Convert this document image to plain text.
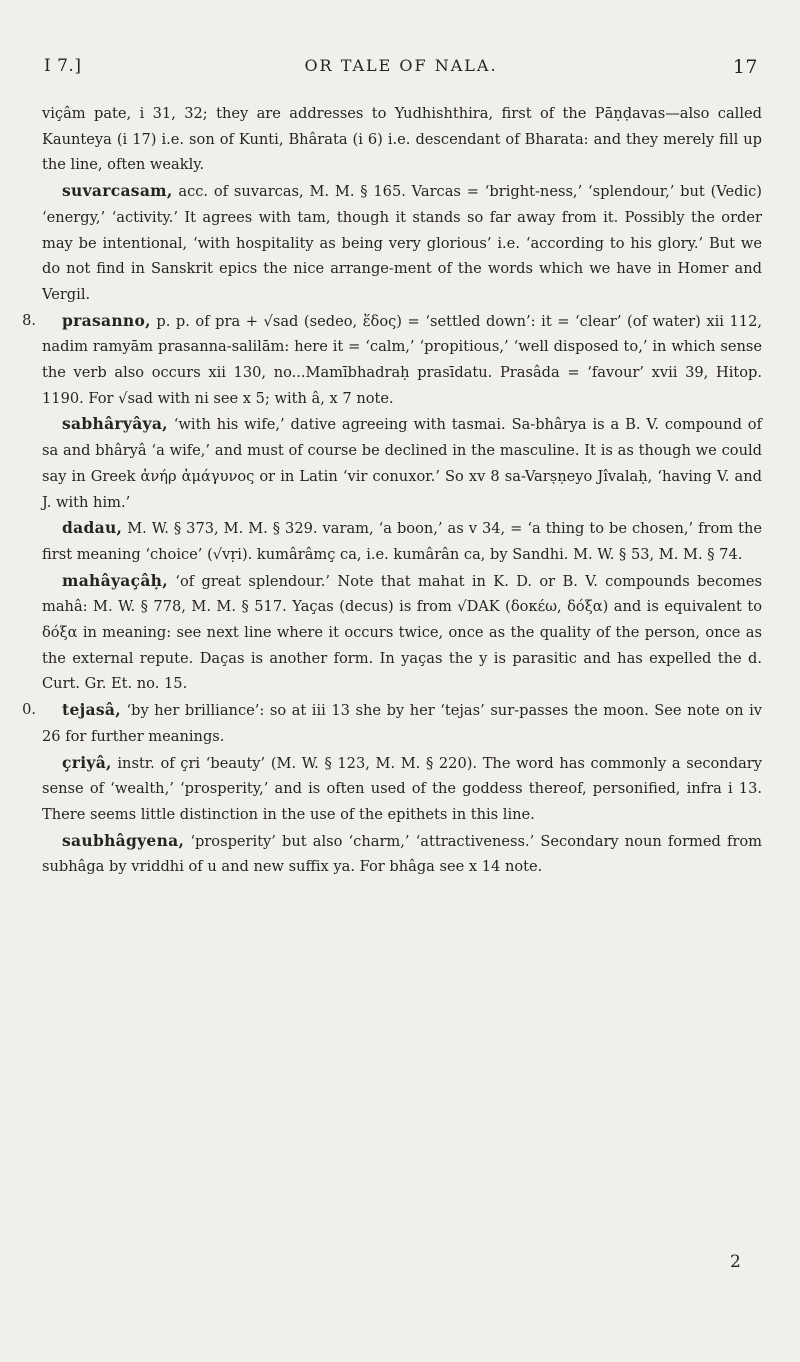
I 7.]	OR TALE OF NALA.	17

viçâm pate, i 31, 32; they are addresses to Yudhishthira, first of the Pāṇḍavas—also called Kaunteya (i 17) i.e. son of Kunti, Bhârata (i 6) i.e. descendant of Bharata: and they merely fill up the line, often weakly.

suvarcasam, acc. of suvarcas, M. M. § 165. Varcas = ‘bright-ness,’ ‘splendour,’ but (Vedic) ‘energy,’ ‘activity.’ It agrees with tam, though it stands so far away from it. Possibly the order may be intentional, ‘with hospitality as being very glorious’ i.e. ‘according to his glory.’ But we do not find in Sanskrit epics the nice arrange-ment of the words which we have in Homer and Vergil.

8.	prasanno, p. p. of pra + √sad (sedeo, ἕδος) = ‘settled down’: it = ‘clear’ (of water) xii 112, nadim ramyām prasanna-salilām: here it = ‘calm,’ ‘propitious,’ ‘well disposed to,’ in which sense the verb also occurs xii 130, no...Mamībhadraḥ prasīdatu. Prasâda = ‘favour’ xvii 39, Hitop. 1190. For √sad with ni see x 5; with â, x 7 note.

sabhâryâya, ‘with his wife,’ dative agreeing with tasmai. Sa-bhârya is a B. V. compound of sa and bhâryâ ‘a wife,’ and must of course be declined in the masculine. It is as though we could say in Greek ἀνήρ ἀμάγυνος or in Latin ‘vir conuxor.’ So xv 8 sa-Varṣṇeyo Jîvalaḥ, ‘having V. and J. with him.’

dadau, M. W. § 373, M. M. § 329. varam, ‘a boon,’ as v 34, = ‘a thing to be chosen,’ from the first meaning ‘choice’ (√vṛi). kumârâmç ca, i.e. kumârân ca, by Sandhi. M. W. § 53, M. M. § 74.

mahâyaçâḥ, ‘of great splendour.’ Note that mahat in K. D. or B. V. compounds becomes mahâ: M. W. § 778, M. M. § 517. Yaças (decus) is from √DAK (δοκέω, δόξα) and is equivalent to δόξα in meaning: see next line where it occurs twice, once as the quality of the person, once as the external repute. Daças is another form. In yaças the y is parasitic and has expelled the d. Curt. Gr. Et. no. 15.

0.	tejasâ, ‘by her brilliance’: so at iii 13 she by her ‘tejas’ sur-passes the moon. See note on iv 26 for further meanings.

çriyâ, instr. of çri ‘beauty’ (M. W. § 123, M. M. § 220). The word has commonly a secondary sense of ‘wealth,’ ‘prosperity,’ and is often used of the goddess thereof, personified, infra i 13. There seems little distinction in the use of the epithets in this line.

saubhâgyena, ‘prosperity’ but also ‘charm,’ ‘attractiveness.’ Secondary noun formed from subhâga by vriddhi of u and new suffix ya. For bhâga see x 14 note.

2
